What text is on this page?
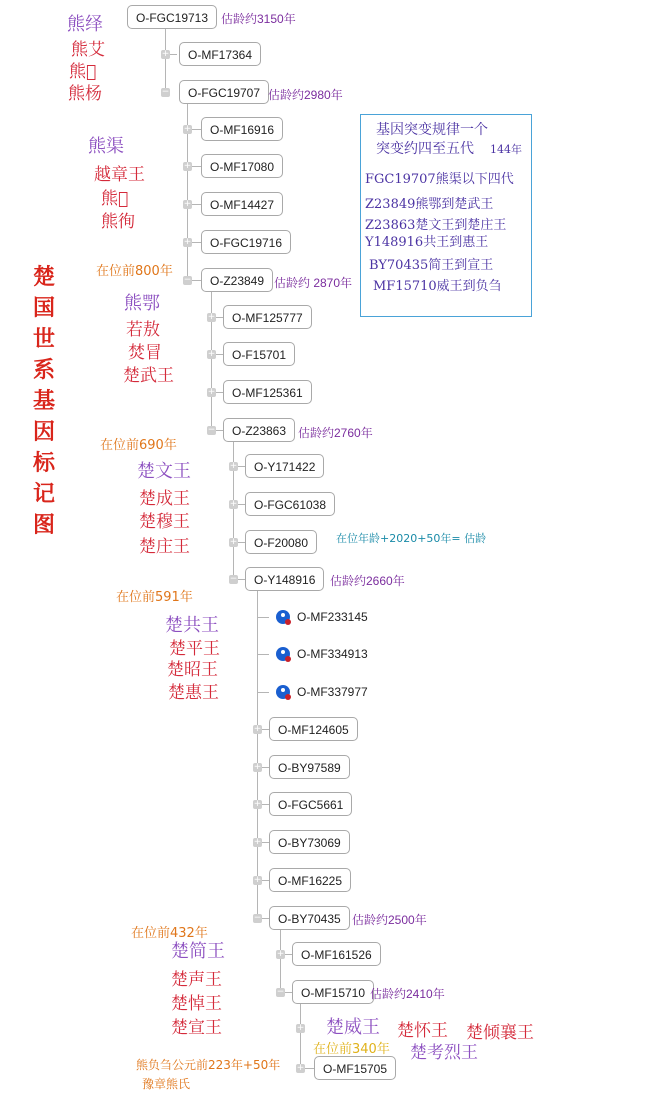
楚
国
世
系
基
因
标
记
图
+
−
+
+
+
+
−
+
+
+
−
+
+
+
−
+
+
+
+
+
−
+
−
+
+
O-FGC19713
O-MF17364
O-FGC19707
O-MF16916
O-MF17080
O-MF14427
O-FGC19716
O-Z23849
O-MF125777
O-F15701
O-MF125361
O-Z23863
O-Y171422
O-FGC61038
O-F20080
O-Y148916
O-MF233145
O-MF334913
O-MF337977
O-MF124605
O-BY97589
O-FGC5661
O-BY73069
O-MF16225
O-BY70435
O-MF161526
O-MF15710
O-MF15705
估龄约3150年
估龄约2980年
估龄约 2870年
估龄约2760年
估龄约2660年
估龄约2500年
估龄约2410年
熊绎
熊艾
熊𫠁
熊杨
熊渠
越章王
熊𫥓
熊徇
熊鄂
若敖
焚冒
楚武王
楚文王
楚成王
楚穆王
楚庄王
楚共王
楚平王
楚昭王
楚惠王
楚简王
楚声王
楚悼王
楚宣王	楚威王 楚怀王 楚倾襄王
楚考烈王
在位前800年
在位前690年
在位前591年
在位前432年
在位前340年
在位年龄+2020+50年= 估龄
熊负刍公元前223年+50年
豫章熊氏
基因突变规律一个
突变约四至五代 144年
FGC19707熊渠以下四代
Z23849熊鄂到楚武王
Z23863楚文王到楚庄王
Y148916共王到惠王
BY70435简王到宣王
MF15710威王到负刍
